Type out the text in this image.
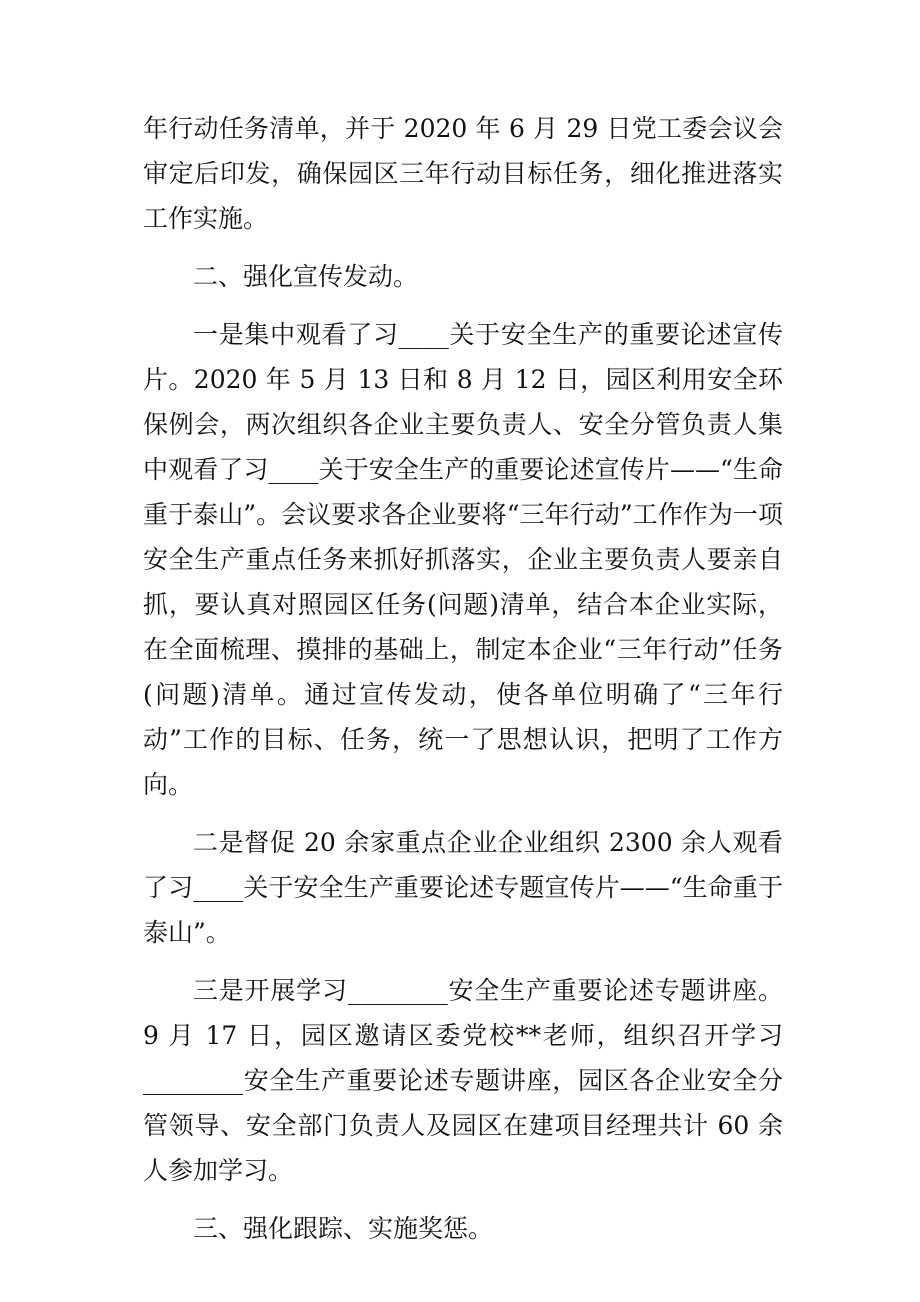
年行动任务清单，并于 2020 年 6 月 29 日党工委会议会审定后印发，确保园区三年行动目标任务，细化推进落实工作实施。

二、强化宣传发动。

一是集中观看了习____关于安全生产的重要论述宣传片。2020 年 5 月 13 日和 8 月 12 日，园区利用安全环保例会，两次组织各企业主要负责人、安全分管负责人集中观看了习____关于安全生产的重要论述宣传片——“生命重于泰山”。会议要求各企业要将“三年行动”工作作为一项安全生产重点任务来抓好抓落实，企业主要负责人要亲自抓，要认真对照园区任务(问题)清单，结合本企业实际，在全面梳理、摸排的基础上，制定本企业“三年行动”任务(问题)清单。通过宣传发动，使各单位明确了“三年行动”工作的目标、任务，统一了思想认识，把明了工作方向。

二是督促 20 余家重点企业企业组织 2300 余人观看了习____关于安全生产重要论述专题宣传片——“生命重于泰山”。

三是开展学习________安全生产重要论述专题讲座。9 月 17 日，园区邀请区委党校**老师，组织召开学习________安全生产重要论述专题讲座，园区各企业安全分管领导、安全部门负责人及园区在建项目经理共计 60 余人参加学习。

三、强化跟踪、实施奖惩。
